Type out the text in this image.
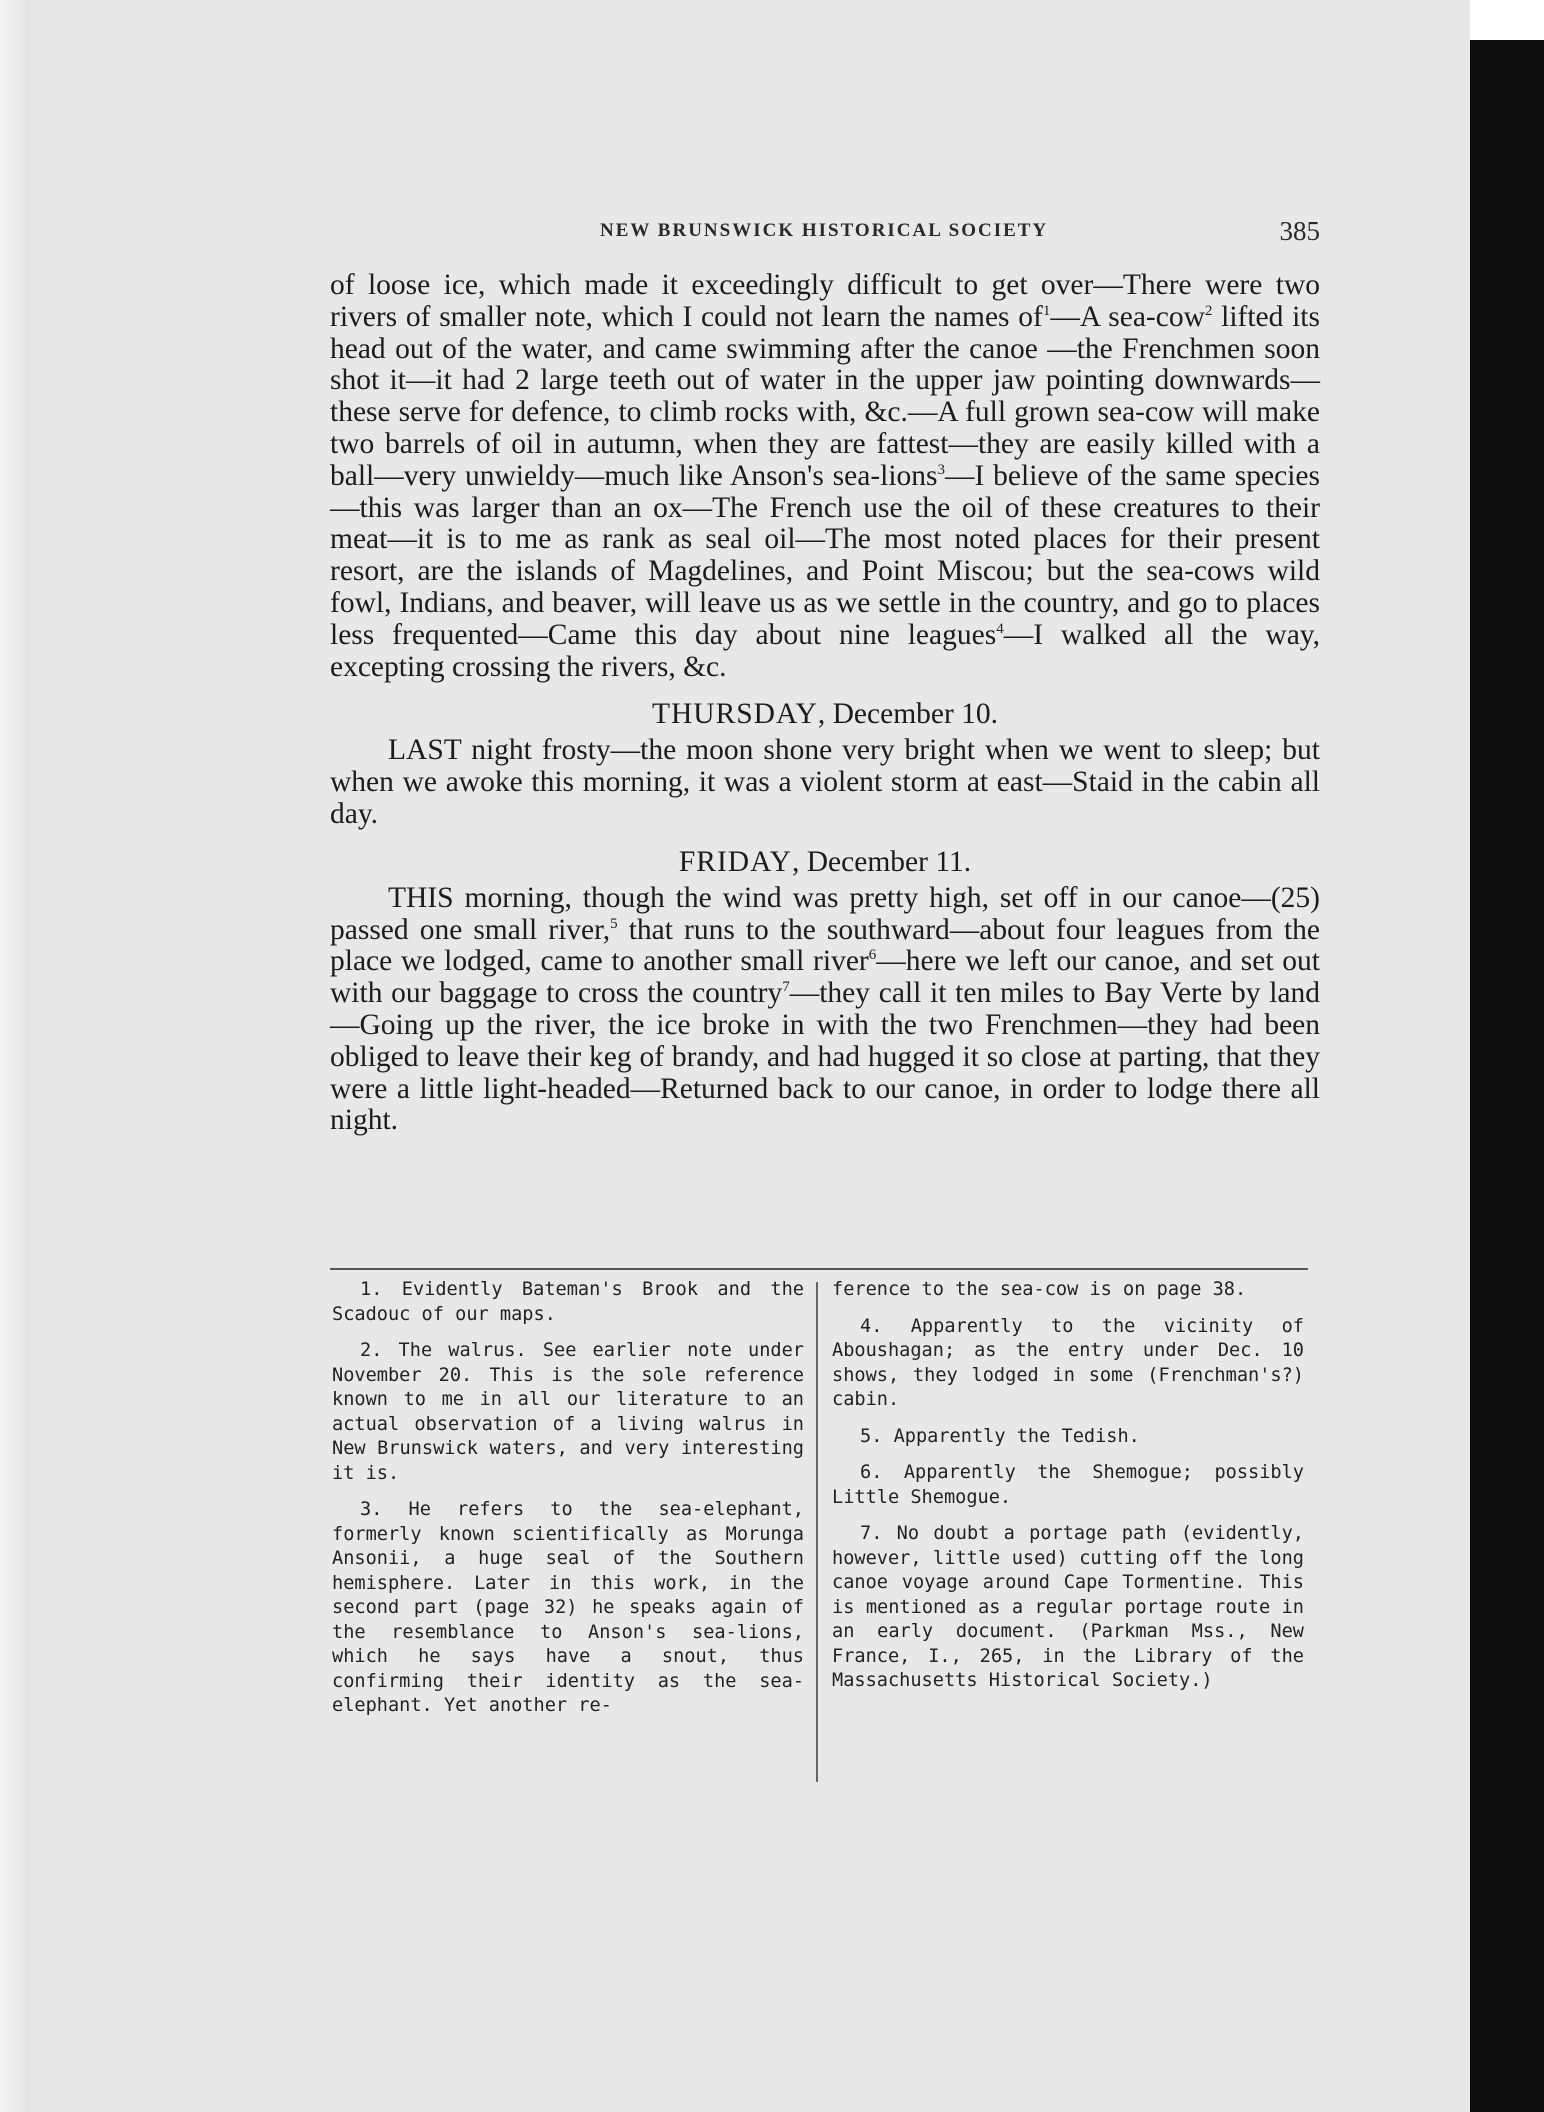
NEW BRUNSWICK HISTORICAL SOCIETY	385

of loose ice, which made it exceedingly difficult to get over—There were two rivers of smaller note, which I could not learn the names $of^1—A$ sea-cow$^2$ lifted its head out of the water, and came swimming after the canoe —the Frenchmen soon shot it—it had 2 large teeth out of water in the upper jaw pointing downwards—these serve for defence, to climb rocks with, &c.—A full grown sea-cow will make two barrels of oil in autumn, when they are fattest—they are easily killed with a ball—very unwieldy—much like Anson's sea-lions$^3$—I believe of the same species—this was larger than an ox—The French use the oil of these creatures to their meat—it is to me as rank as seal oil—The most noted places for their present resort, are the islands of Magdelines, and Point Miscou; but the sea-cows wild fowl, Indians, and beaver, will leave us as we settle in the country, and go to places less frequented—Came this day about nine leagues$^4$—I walked all the way, excepting crossing the rivers, &c.

THURSDAY, December 10.

LAST night frosty—the moon shone very bright when we went to sleep; but when we awoke this morning, it was a violent storm at east—Staid in the cabin all day.

FRIDAY, December 11.

THIS morning, though the wind was pretty high, set off in our canoe—(25) passed one small river,$^5$ that runs to the southward—about four leagues from the place we lodged, came to another small river$^6$—here we left our canoe, and set out with our baggage to cross the country$^7$—they call it ten miles to Bay Verte by land—Going up the river, the ice broke in with the two Frenchmen—they had been obliged to leave their keg of brandy, and had hugged it so close at parting, that they were a little light-headed—Returned back to our canoe, in order to lodge there all night.

1. Evidently Bateman's Brook and the Scadouc of our maps.

2. The walrus. See earlier note under November 20. This is the sole reference known to me in all our literature to an actual observation of a living walrus in New Brunswick waters, and very interesting it is.

3. He refers to the sea-elephant, formerly known scientifically as Morunga Ansonii, a huge seal of the Southern hemisphere. Later in this work, in the second part (page 32) he speaks again of the resemblance to Anson's sea-lions, which he says have a snout, thus confirming their identity as the sea-elephant. Yet another re-

ference to the sea-cow is on page 38.

4. Apparently to the vicinity of Aboushagan; as the entry under Dec. 10 shows, they lodged in some (Frenchman's?) cabin.

5. Apparently the Tedish.

6. Apparently the Shemogue; possibly Little Shemogue.

7. No doubt a portage path (evidently, however, little used) cutting off the long canoe voyage around Cape Tormentine. This is mentioned as a regular portage route in an early document. (Parkman Mss., New France, I., 265, in the Library of the Massachusetts Historical Society.)
